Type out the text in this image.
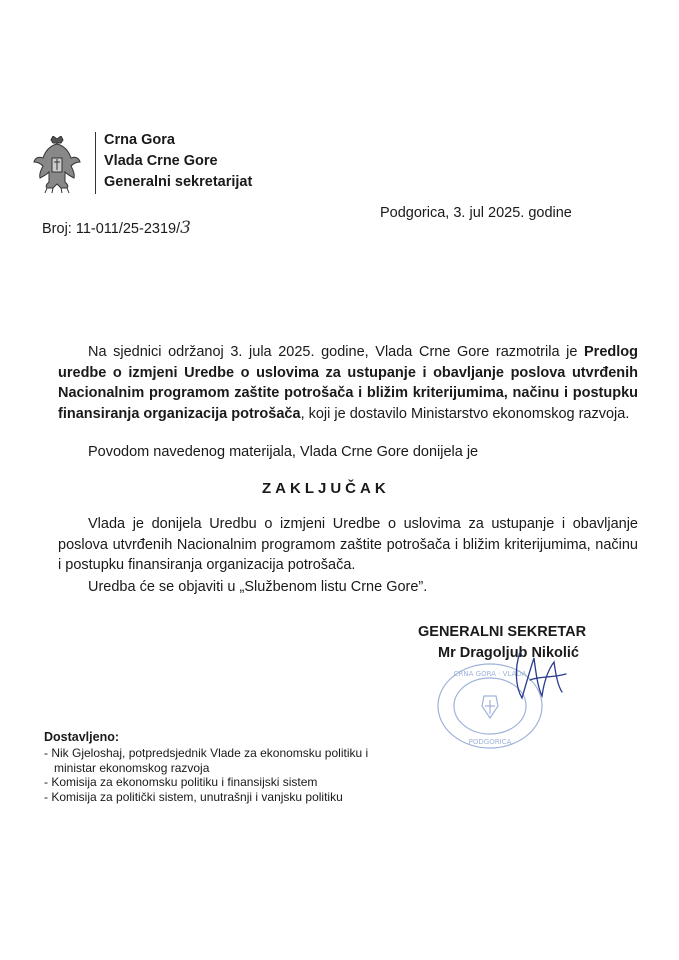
Crna Gora
Vlada Crne Gore
Generalni sekretarijat
Broj: 11-011/25-2319/3
Podgorica, 3. jul 2025. godine
Na sjednici održanoj 3. jula 2025. godine, Vlada Crne Gore razmotrila je Predlog uredbe o izmjeni Uredbe o uslovima za ustupanje i obavljanje poslova utvrđenih Nacionalnim programom zaštite potrošača i bližim kriterijumima, načinu i postupku finansiranja organizacija potrošača, koji je dostavilo Ministarstvo ekonomskog razvoja.
Povodom navedenog materijala, Vlada Crne Gore donijela je
ZAKLJUČAK
Vlada je donijela Uredbu o izmjeni Uredbe o uslovima za ustupanje i obavljanje poslova utvrđenih Nacionalnim programom zaštite potrošača i bližim kriterijumima, načinu i postupku finansiranja organizacija potrošača.
Uredba će se objaviti u „Službenom listu Crne Gore”.
CRNA GORA · VLADA
PODGORICA
GENERALNI SEKRETAR
Mr Dragoljub Nikolić
Dostavljeno:
- Nik Gjeloshaj, potpredsjednik Vlade za ekonomsku politiku i ministar ekonomskog razvoja
- Komisija za ekonomsku politiku i finansijski sistem
- Komisija za politički sistem, unutrašnji i vanjsku politiku
